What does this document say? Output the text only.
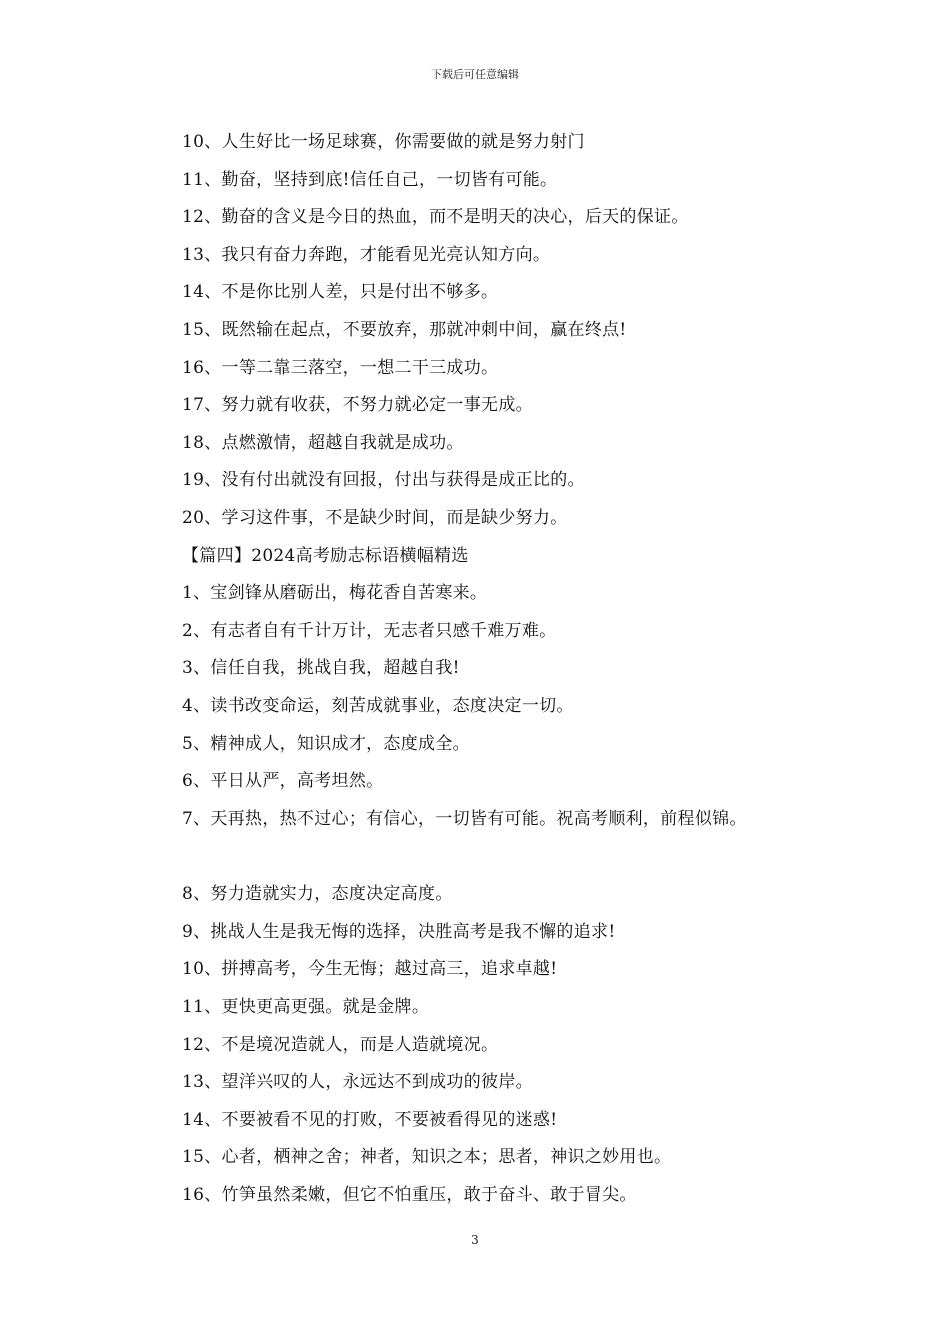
下载后可任意编辑
10、人生好比一场足球赛，你需要做的就是努力射门
11、勤奋，坚持到底!信任自己，一切皆有可能。
12、勤奋的含义是今日的热血，而不是明天的决心，后天的保证。
13、我只有奋力奔跑，才能看见光亮认知方向。
14、不是你比别人差，只是付出不够多。
15、既然输在起点，不要放弃，那就冲刺中间，赢在终点!
16、一等二靠三落空，一想二干三成功。
17、努力就有收获，不努力就必定一事无成。
18、点燃激情，超越自我就是成功。
19、没有付出就没有回报，付出与获得是成正比的。
20、学习这件事，不是缺少时间，而是缺少努力。
【篇四】2024高考励志标语横幅精选
1、宝剑锋从磨砺出，梅花香自苦寒来。
2、有志者自有千计万计，无志者只感千难万难。
3、信任自我，挑战自我，超越自我!
4、读书改变命运，刻苦成就事业，态度决定一切。
5、精神成人，知识成才，态度成全。
6、平日从严，高考坦然。
7、天再热，热不过心；有信心，一切皆有可能。祝高考顺利，前程似锦。
8、努力造就实力，态度决定高度。
9、挑战人生是我无悔的选择，决胜高考是我不懈的追求!
10、拼搏高考，今生无悔；越过高三，追求卓越!
11、更快更高更强。就是金牌。
12、不是境况造就人，而是人造就境况。
13、望洋兴叹的人，永远达不到成功的彼岸。
14、不要被看不见的打败，不要被看得见的迷惑!
15、心者，栖神之舍；神者，知识之本；思者，神识之妙用也。
16、竹笋虽然柔嫩，但它不怕重压，敢于奋斗、敢于冒尖。
3
